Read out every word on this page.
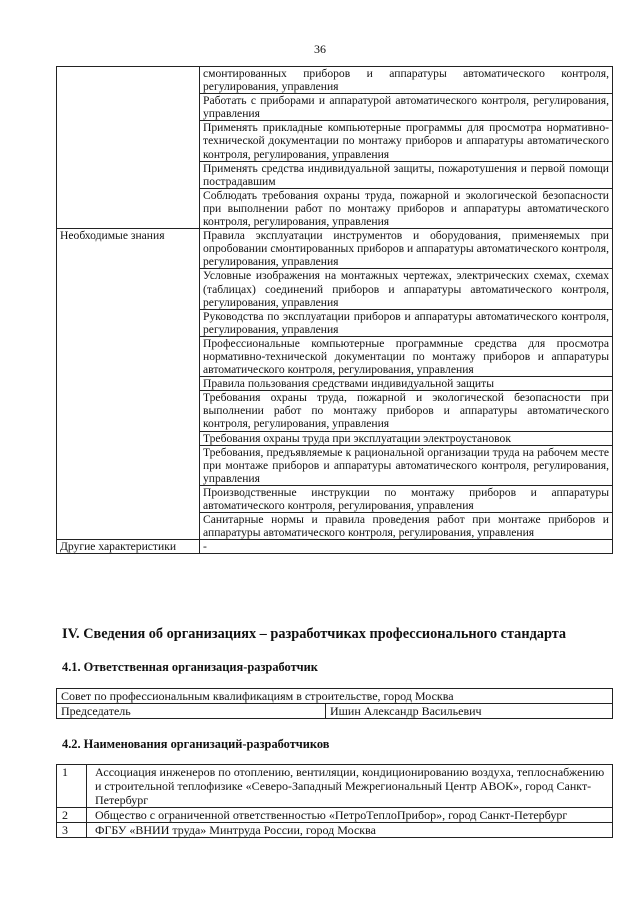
36
	смонтированных приборов и аппаратуры автоматического контроля, регулирования, управления
	Работать с приборами и аппаратурой автоматического контроля, регулирования, управления
	Применять прикладные компьютерные программы для просмотра нормативно-технической документации по монтажу приборов и аппаратуры автоматического контроля, регулирования, управления
	Применять средства индивидуальной защиты, пожаротушения и первой помощи пострадавшим
	Соблюдать требования охраны труда, пожарной и экологической безопасности при выполнении работ по монтажу приборов и аппаратуры автоматического контроля, регулирования, управления
Необходимые знания	Правила эксплуатации инструментов и оборудования, применяемых при опробовании смонтированных приборов и аппаратуры автоматического контроля, регулирования, управления
	Условные изображения на монтажных чертежах, электрических схемах, схемах (таблицах) соединений приборов и аппаратуры автоматического контроля, регулирования, управления
	Руководства по эксплуатации приборов и аппаратуры автоматического контроля, регулирования, управления
	Профессиональные компьютерные программные средства для просмотра нормативно-технической документации по монтажу приборов и аппаратуры автоматического контроля, регулирования, управления
	Правила пользования средствами индивидуальной защиты
	Требования охраны труда, пожарной и экологической безопасности при выполнении работ по монтажу приборов и аппаратуры автоматического контроля, регулирования, управления
	Требования охраны труда при эксплуатации электроустановок
	Требования, предъявляемые к рациональной организации труда на рабочем месте при монтаже приборов и аппаратуры автоматического контроля, регулирования, управления
	Производственные инструкции по монтажу приборов и аппаратуры автоматического контроля, регулирования, управления
	Санитарные нормы и правила проведения работ при монтаже приборов и аппаратуры автоматического контроля, регулирования, управления
Другие характеристики	-
IV. Сведения об организациях – разработчиках профессионального стандарта
4.1. Ответственная организация-разработчик
Совет по профессиональным квалификациям в строительстве, город Москва
Председатель	Ишин Александр Васильевич
4.2. Наименования организаций-разработчиков
1	Ассоциация инженеров по отоплению, вентиляции, кондиционированию воздуха, теплоснабжению и строительной теплофизике «Северо-Западный Межрегиональный Центр АВОК», город Санкт-Петербург
2	Общество с ограниченной ответственностью «ПетроТеплоПрибор», город Санкт-Петербург
3	ФГБУ «ВНИИ труда» Минтруда России, город Москва
